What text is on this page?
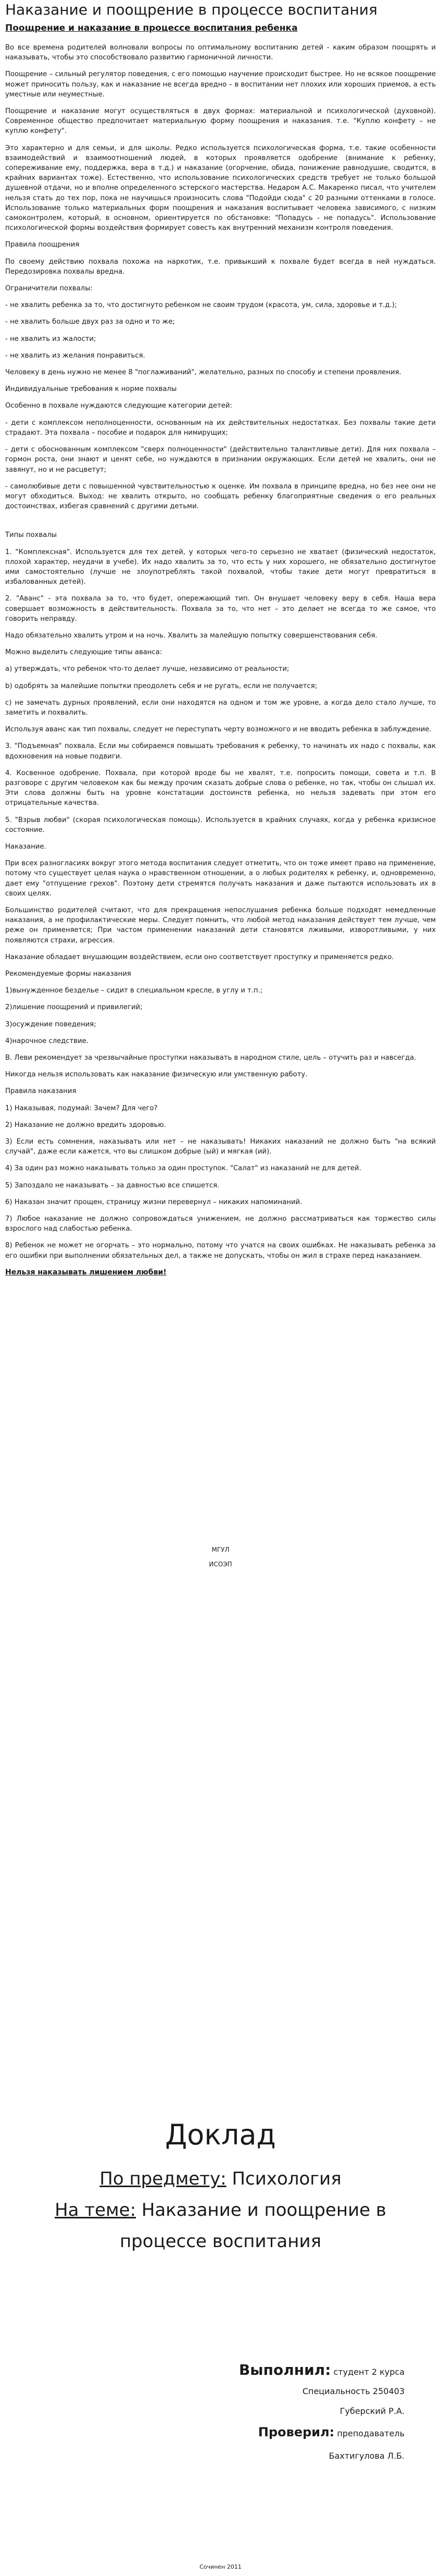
Наказание и поощрение в процессе воспитания
Поощрение и наказание в процессе воспитания ребенка

Во все времена родителей волновали вопросы по оптимальному воспитанию детей - каким образом поощрять и наказывать, чтобы это способствовало развитию гармоничной личности.

Поощрение – сильный регулятор поведения, с его помощью научение происходит быстрее. Но не всякое поощрение может приносить пользу, как и наказание не всегда вредно – в воспитании нет плохих или хороших приемов, а есть уместные или неуместные.

Поощрение и наказание могут осуществляться в двух формах: материальной и психологической (духовной). Современное общество предпочитает материальную форму поощрения и наказания. т.е. "Куплю конфету – не куплю конфету".

Это характерно и для семьи, и для школы. Редко используется психологическая форма, т.е. такие особенности взаимодействий и взаимоотношений людей, в которых проявляется одобрение (внимание к ребенку, сопереживание ему, поддержка, вера в т.д.) и наказание (огорчение, обида, понижение равнодушие, сводится, в крайних вариантах тоже). Естественно, что использование психологических средств требует не только большой душевной отдачи, но и вполне определенного эстерского мастерства. Недаром А.С. Макаренко писал, что учителем нельзя стать до тех пор, пока не научишься произносить слова "Подойди сюда" с 20 разными оттенками в голосе. Использование только материальных форм поощрения и наказания воспитывает человека зависимого, с низким самоконтролем, который, в основном, ориентируется по обстановке: "Попадусь - не попадусь". Использование психологической формы воздействия формирует совесть как внутренний механизм контроля поведения.

Правила поощрения

По своему действию похвала похожа на наркотик, т.е. привыкший к похвале будет всегда в ней нуждаться. Передозировка похвалы вредна.

Ограничители похвалы:

- не хвалить ребенка за то, что достигнуто ребенком не своим трудом (красота, ум, сила, здоровье и т.д.);

- не хвалить больше двух раз за одно и то же;

- не хвалить из жалости;

- не хвалить из желания понравиться.

Человеку в день нужно не менее 8 "поглаживаний", желательно, разных по способу и степени проявления.

Индивидуальные требования к норме похвалы

Особенно в похвале нуждаются следующие категории детей:

- дети с комплексом неполноценности, основанным на их действительных недостатках. Без похвалы такие дети страдают. Эта похвала – пособие и подарок для нимирущих;

- дети с обоснованным комплексом "сверх полноценности" (действительно талантливые дети). Для них похвала – гормон роста, они знают и ценят себе, но нуждаются в признании окружающих. Если детей не хвалить, они не завянут, но и не расцветут;

- самолюбивые дети с повышенной чувствительностью к оценке. Им похвала в принципе вредна, но без нее они не могут обходиться. Выход: не хвалить открыто, но сообщать ребенку благоприятные сведения о его реальных достоинствах, избегая сравнений с другими детьми.

Типы похвалы

1. "Комплексная". Используется для тех детей, у которых чего-то серьезно не хватает (физический недостаток, плохой характер, неудачи в учебе). Их надо хвалить за то, что есть у них хорошего, не обязательно достигнутое ими самостоятельно (лучше не злоупотреблять такой похвалой, чтобы такие дети могут превратиться в избалованных детей).

2. "Аванс" - эта похвала за то, что будет, опережающий тип. Он внушает человеку веру в себя. Наша вера совершает возможность в действительность. Похвала за то, что нет – это делает не всегда то же самое, что говорить неправду.

Надо обязательно хвалить утром и на ночь. Хвалить за малейшую попытку совершенствования себя.

Можно выделить следующие типы аванса:

а) утверждать, что ребенок что-то делает лучше, независимо от реальности;

b) одобрять за малейшие попытки преодолеть себя и не ругать, если не получается;

с) не замечать дурных проявлений, если они находятся на одном и том же уровне, а когда дело стало лучше, то заметить и похвалить.

Используя аванс как тип похвалы, следует не переступать черту возможного и не вводить ребенка в заблуждение.

3. "Подъемная" похвала. Если мы собираемся повышать требования к ребенку, то начинать их надо с похвалы, как вдохновения на новые подвиги.

4. Косвенное одобрение. Похвала, при которой вроде бы не хвалят, т.е. попросить помощи, совета и т.п. В разговоре с другим человеком как бы между прочим сказать добрые слова о ребенке, но так, чтобы он слышал их. Эти слова должны быть на уровне констатации достоинств ребенка, но нельзя задевать при этом его отрицательные качества.

5. "Взрыв любви" (скорая психологическая помощь). Используется в крайних случаях, когда у ребенка кризисное состояние.

Наказание.

При всех разногласиях вокруг этого метода воспитания следует отметить, что он тоже имеет право на применение, потому что существует целая наука о нравственном отношении, а о любых родителях к ребенку, и, одновременно, дает ему "отпущение грехов". Поэтому дети стремятся получать наказания и даже пытаются использовать их в своих целях.

Большинство родителей считают, что для прекращения непослушания ребенка больше подходят немедленные наказания, а не профилактические меры. Следует помнить, что любой метод наказания действует тем лучше, чем реже он применяется; При частом применении наказаний дети становятся лживыми, изворотливыми, у них появляются страхи, агрессия.

Наказание обладает внушающим воздействием, если оно соответствует проступку и применяется редко.

Рекомендуемые формы наказания

1)вынужденное безделье – сидит в специальном кресле, в углу и т.п.;

2)лишение поощрений и привилегий;

3)осуждение поведения;

4)нарочное следствие.

В. Леви рекомендует за чрезвычайные проступки наказывать в народном стиле, цель – отучить раз и навсегда.

Никогда нельзя использовать как наказание физическую или умственную работу.

Правила наказания

1) Наказывая, подумай: Зачем? Для чего?

2) Наказание не должно вредить здоровью.

3) Если есть сомнения, наказывать или нет – не наказывать! Никаких наказаний не должно быть "на всякий случай", даже если кажется, что вы слишком добрые (ый) и мягкая (ий).

4) За один раз можно наказывать только за один проступок. "Салат" из наказаний не для детей.

5) Запоздало не наказывать – за давностью все спишется.

6) Наказан значит прощен, страницу жизни перевернул – никаких напоминаний.

7) Любое наказание не должно сопровождаться унижением, не должно рассматриваться как торжество силы взрослого над слабостью ребенка.

8) Ребенок не может не огорчать – это нормально, потому что учатся на своих ошибках. Не наказывать ребенка за его ошибки при выполнении обязательных дел, а также не допускать, чтобы он жил в страхе перед наказанием.

Нельзя наказывать лишением любви!

МГУЛ

ИСОЭП

Доклад
По предмету: Психология
На теме: Наказание и поощрение в
процессе воспитания
Выполнил: студент 2 курса
Специальность 250403
Губерский Р.А.
Проверил: преподаватель
Бахтигулова Л.Б.
Сочинен 2011
